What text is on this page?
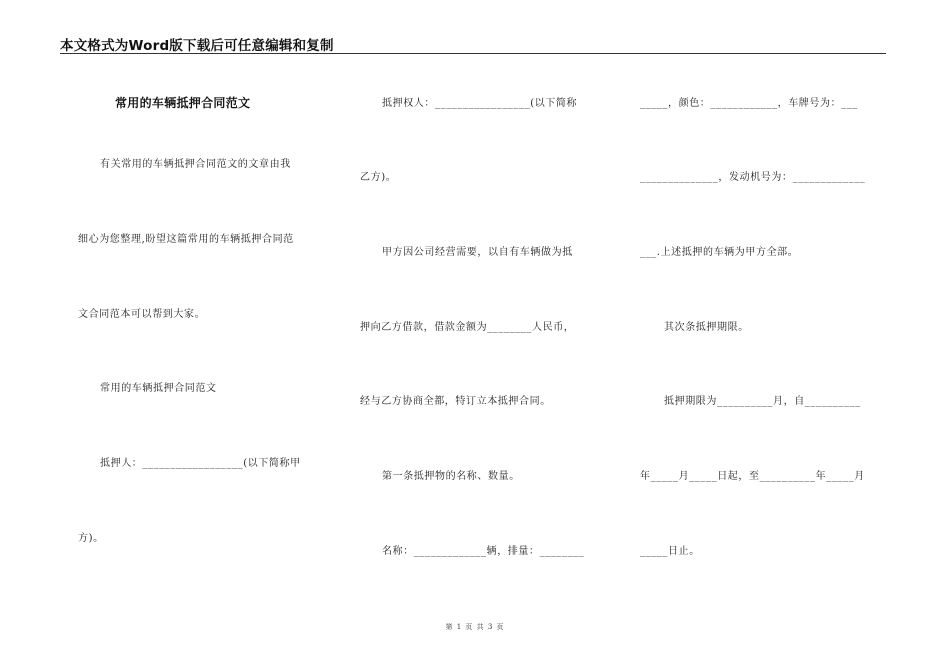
本文格式为Word版下载后可任意编辑和复制
常用的车辆抵押合同范文
有关常用的车辆抵押合同范文的文章由我
细心为您整理,盼望这篇常用的车辆抵押合同范
文合同范本可以帮到大家。
常用的车辆抵押合同范文
抵押人：__________________(以下简称甲
方)。
抵押权人：_________________(以下简称
乙方)。
甲方因公司经营需要，以自有车辆做为抵
押向乙方借款，借款金额为________人民币，
经与乙方协商全都，特订立本抵押合同。
第一条抵押物的名称、数量。
名称：_____________辆，排量：________
_____，颜色：____________，车牌号为：___
______________，发动机号为：_____________
___.上述抵押的车辆为甲方全部。
其次条抵押期限。
抵押期限为__________月，自__________
年_____月_____日起，至__________年_____月
_____日止。
第 1 页 共 3 页
